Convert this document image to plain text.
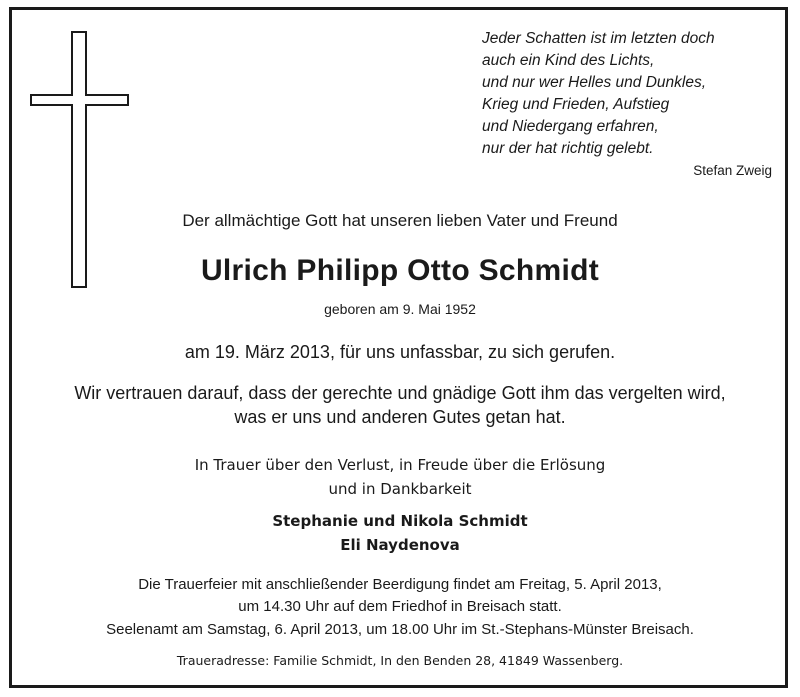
Jeder Schatten ist im letzten doch
auch ein Kind des Lichts,
und nur wer Helles und Dunkles,
Krieg und Frieden, Aufstieg
und Niedergang erfahren,
nur der hat richtig gelebt.
Stefan Zweig
Der allmächtige Gott hat unseren lieben Vater und Freund
Ulrich Philipp Otto Schmidt
geboren am 9. Mai 1952
am 19. März 2013, für uns unfassbar, zu sich gerufen.
Wir vertrauen darauf, dass der gerechte und gnädige Gott ihm das vergelten wird,
was er uns und anderen Gutes getan hat.
In Trauer über den Verlust, in Freude über die Erlösung
und in Dankbarkeit
Stephanie und Nikola Schmidt
Eli Naydenova
Die Trauerfeier mit anschließender Beerdigung findet am Freitag, 5. April 2013,
um 14.30 Uhr auf dem Friedhof in Breisach statt.
Seelenamt am Samstag, 6. April 2013, um 18.00 Uhr im St.-Stephans-Münster Breisach.
Traueradresse: Familie Schmidt, In den Benden 28, 41849 Wassenberg.
